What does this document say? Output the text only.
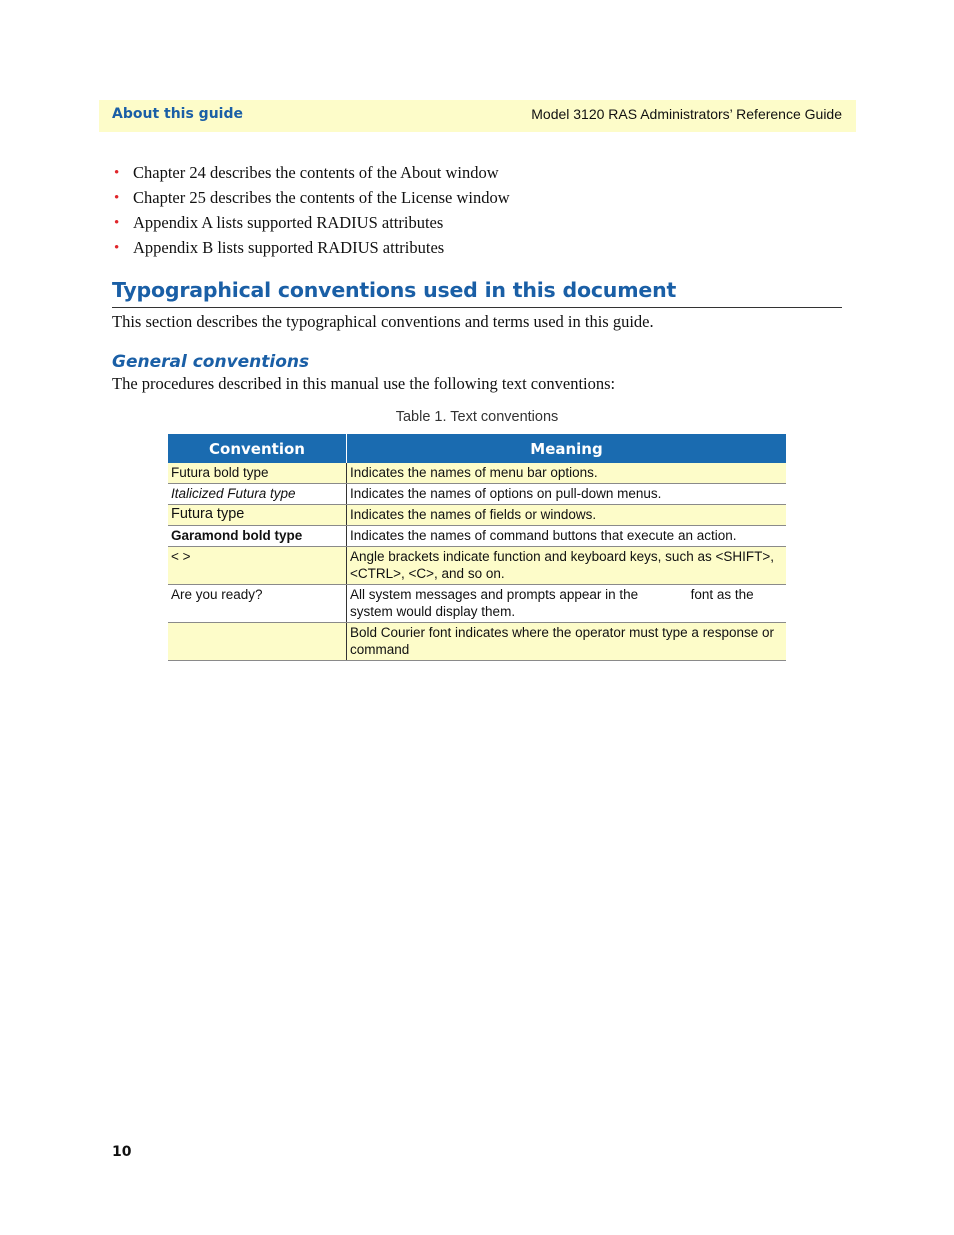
About this guide	Model 3120 RAS Administrators’ Reference Guide
• Chapter 24 describes the contents of the About window
• Chapter 25 describes the contents of the License window
• Appendix A lists supported RADIUS attributes
• Appendix B lists supported RADIUS attributes
Typographical conventions used in this document
This section describes the typographical conventions and terms used in this guide.
General conventions
The procedures described in this manual use the following text conventions:
Table 1. Text conventions
Convention	Meaning
Futura bold type	Indicates the names of menu bar options.
Italicized Futura type	Indicates the names of options on pull-down menus.
Futura type	Indicates the names of fields or windows.
Garamond bold type	Indicates the names of command buttons that execute an action.
< >	Angle brackets indicate function and keyboard keys, such as <SHIFT>, <CTRL>, <C>, and so on.
Are you ready?	All system messages and prompts appear in the              font as the system would display them.
	Bold Courier font indicates where the operator must type a response or command
10
